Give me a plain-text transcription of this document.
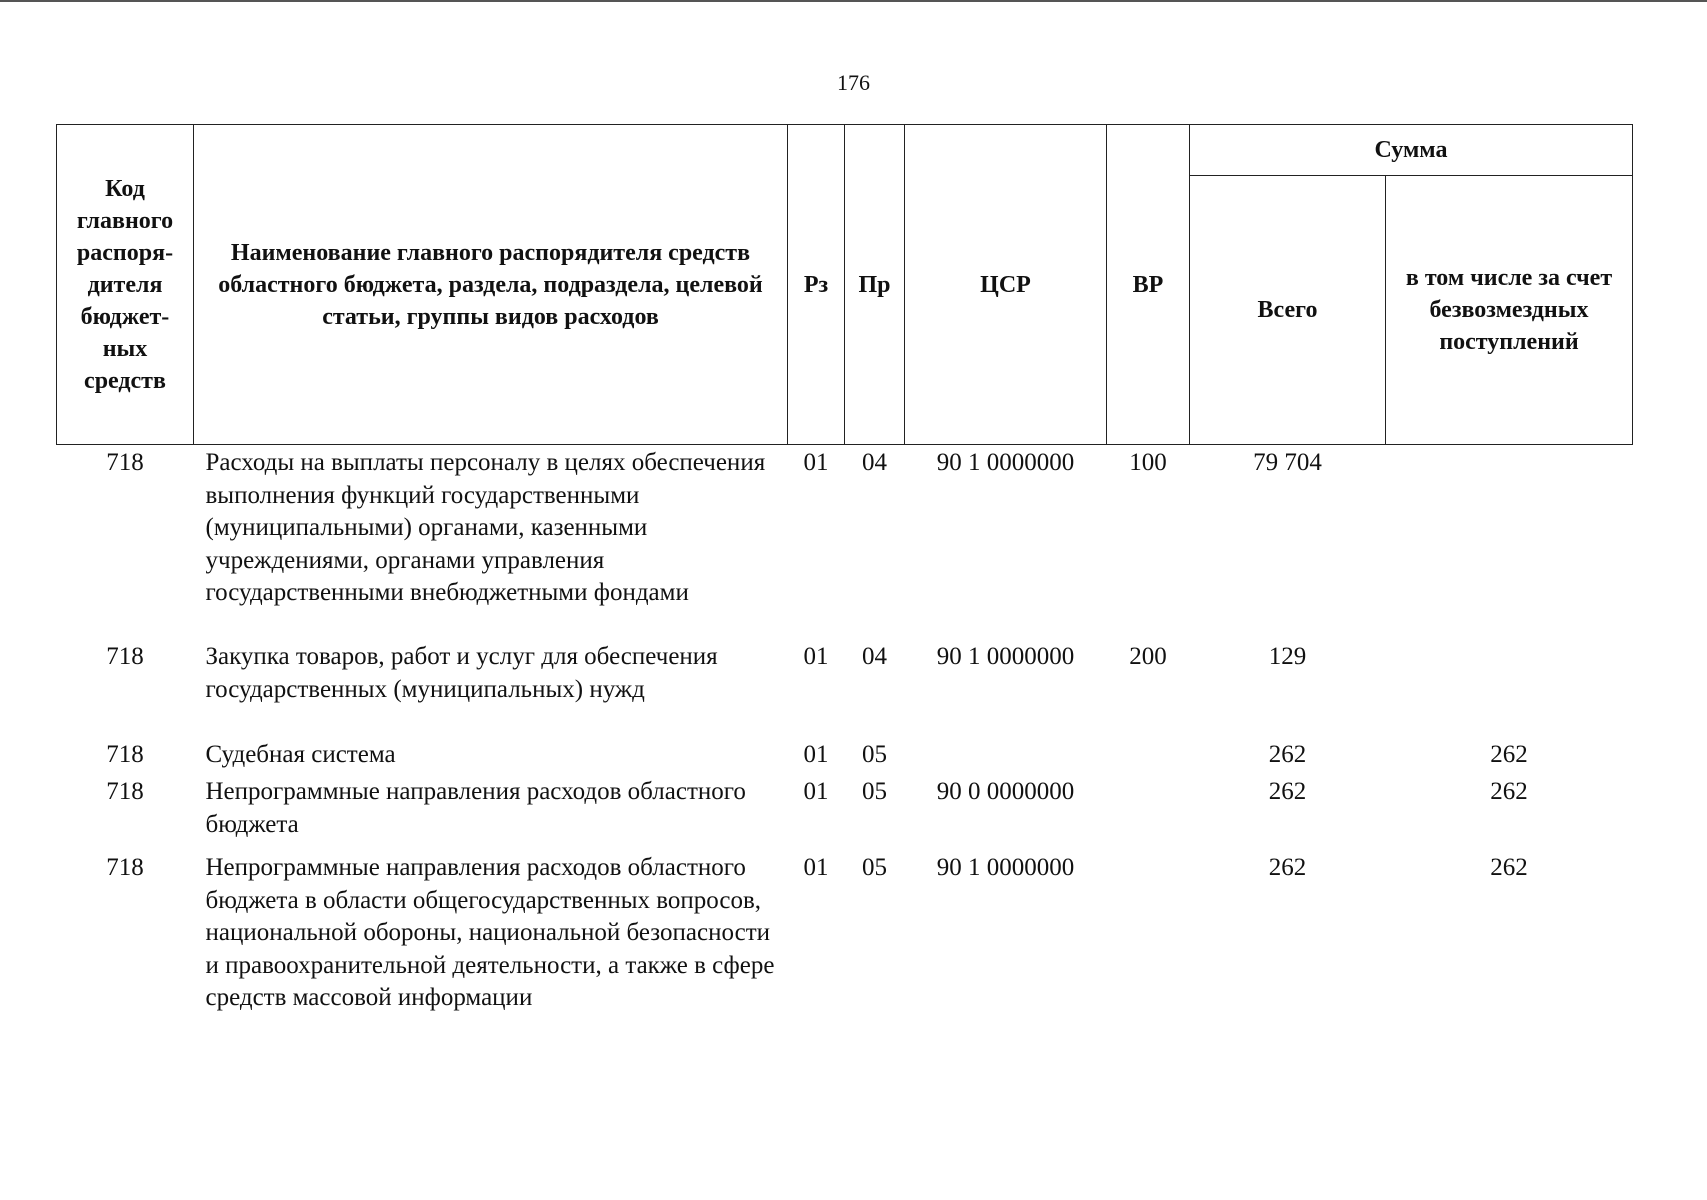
176
Код главного распоря-дителя бюджет-ных средств	Наименование главного распорядителя средств областного бюджета, раздела, подраздела, целевой статьи, группы видов расходов	Рз	Пр	ЦСР	ВР	Сумма	
						Всего	в том числе за счет безвозмездных поступлений
718	Расходы на выплаты персоналу в целях обеспечения выполнения функций государственными (муниципальными) органами, казенными учреждениями, органами управления государственными внебюджетными фондами	01	04	90 1 0000000	100	79 704	
718	Закупка товаров, работ и услуг для обеспечения государственных (муниципальных) нужд	01	04	90 1 0000000	200	129	
718	Судебная система	01	05			262	262
718	Непрограммные направления расходов областного бюджета	01	05	90 0 0000000		262	262
718	Непрограммные направления расходов областного бюджета в области общегосударственных вопросов, национальной обороны, национальной безопасности и правоохранительной деятельности, а также в сфере средств массовой информации	01	05	90 1 0000000		262	262
